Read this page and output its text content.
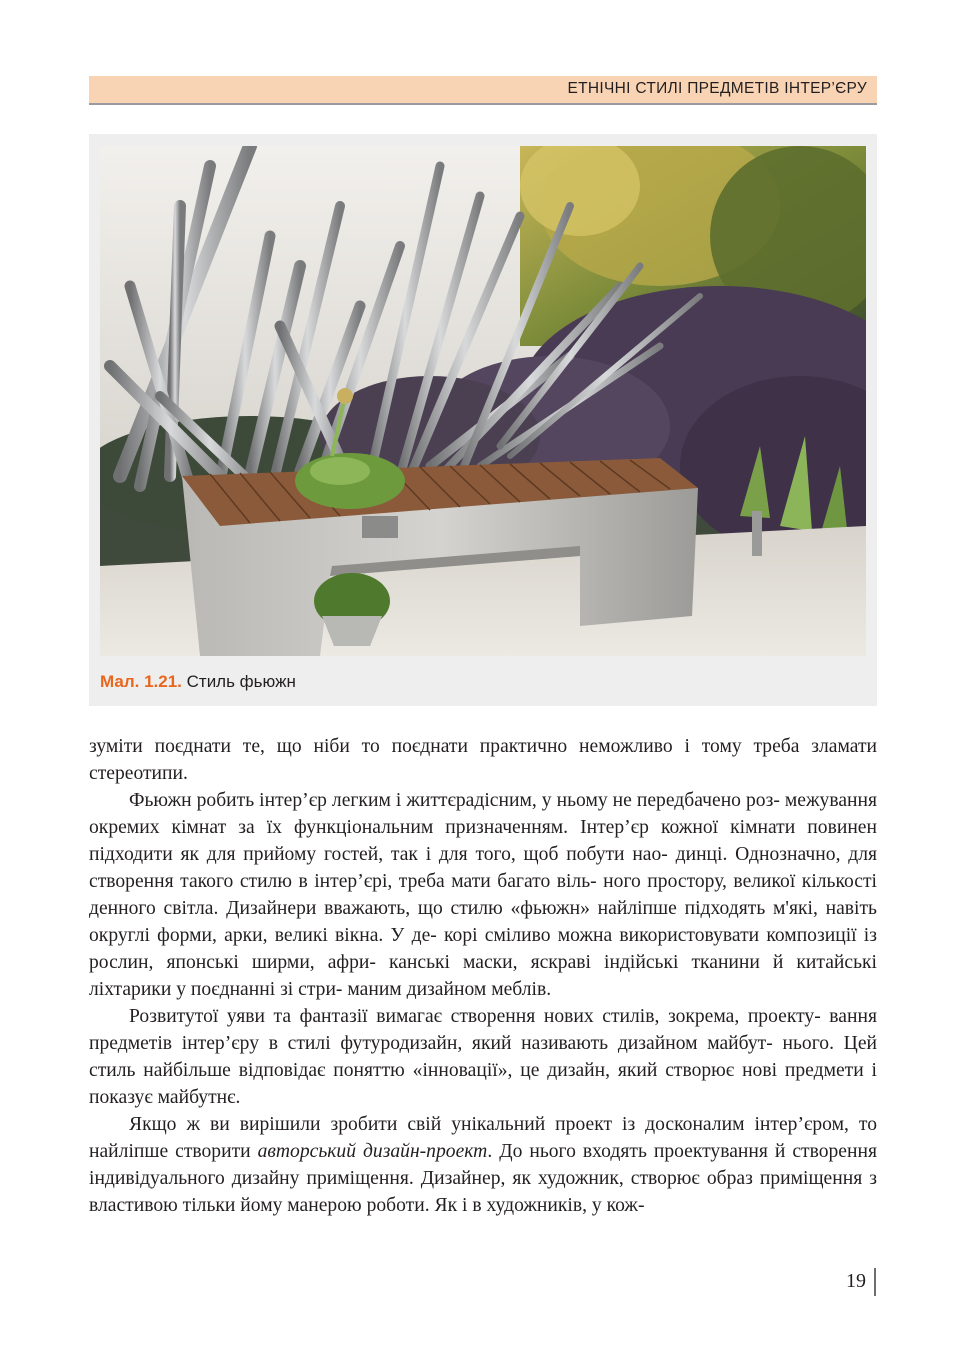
ЕТНІЧНІ СТИЛІ ПРЕДМЕТІВ ІНТЕР’ЄРУ
Мал. 1.21. Стиль фьюжн

зуміти поєднати те, що ніби то поєднати практично неможливо і тому треба зламати
стереотипи.

Фьюжн робить інтер’єр легким і життєрадісним, у ньому не передбачено роз- межування окремих кімнат за їх функціональним призначенням. Інтер’єр кожної кімнати повинен підходити як для прийому гостей, так і для того, щоб побути нао- динці. Однозначно, для створення такого стилю в інтер’єрі, треба мати багато віль- ного простору, великої кількості денного світла. Дизайнери вважають, що стилю «фьюжн» найліпше підходять м'які, навіть округлі форми, арки, великі вікна. У де- корі сміливо можна використовувати композиції із рослин, японські ширми, афри- канські маски, яскраві індійські тканини й китайські ліхтарики у поєднанні зі стри- маним дизайном меблів.

Розвитутої уяви та фантазії вимагає створення нових стилів, зокрема, проекту- вання предметів інтер’єру в стилі футуродизайн, який називають дизайном майбут- нього. Цей стиль найбільше відповідає поняттю «інновації», це дизайн, який створює нові предмети і показує майбутнє.

Якщо ж ви вирішили зробити свій унікальний проект із досконалим інтер’єром, то найліпше створити авторський дизайн-проект. До нього входять проектування й створення індивідуального дизайну приміщення. Дизайнер, як художник, створює образ приміщення з властивою тільки йому манерою роботи. Як і в художників, у кож-

19
